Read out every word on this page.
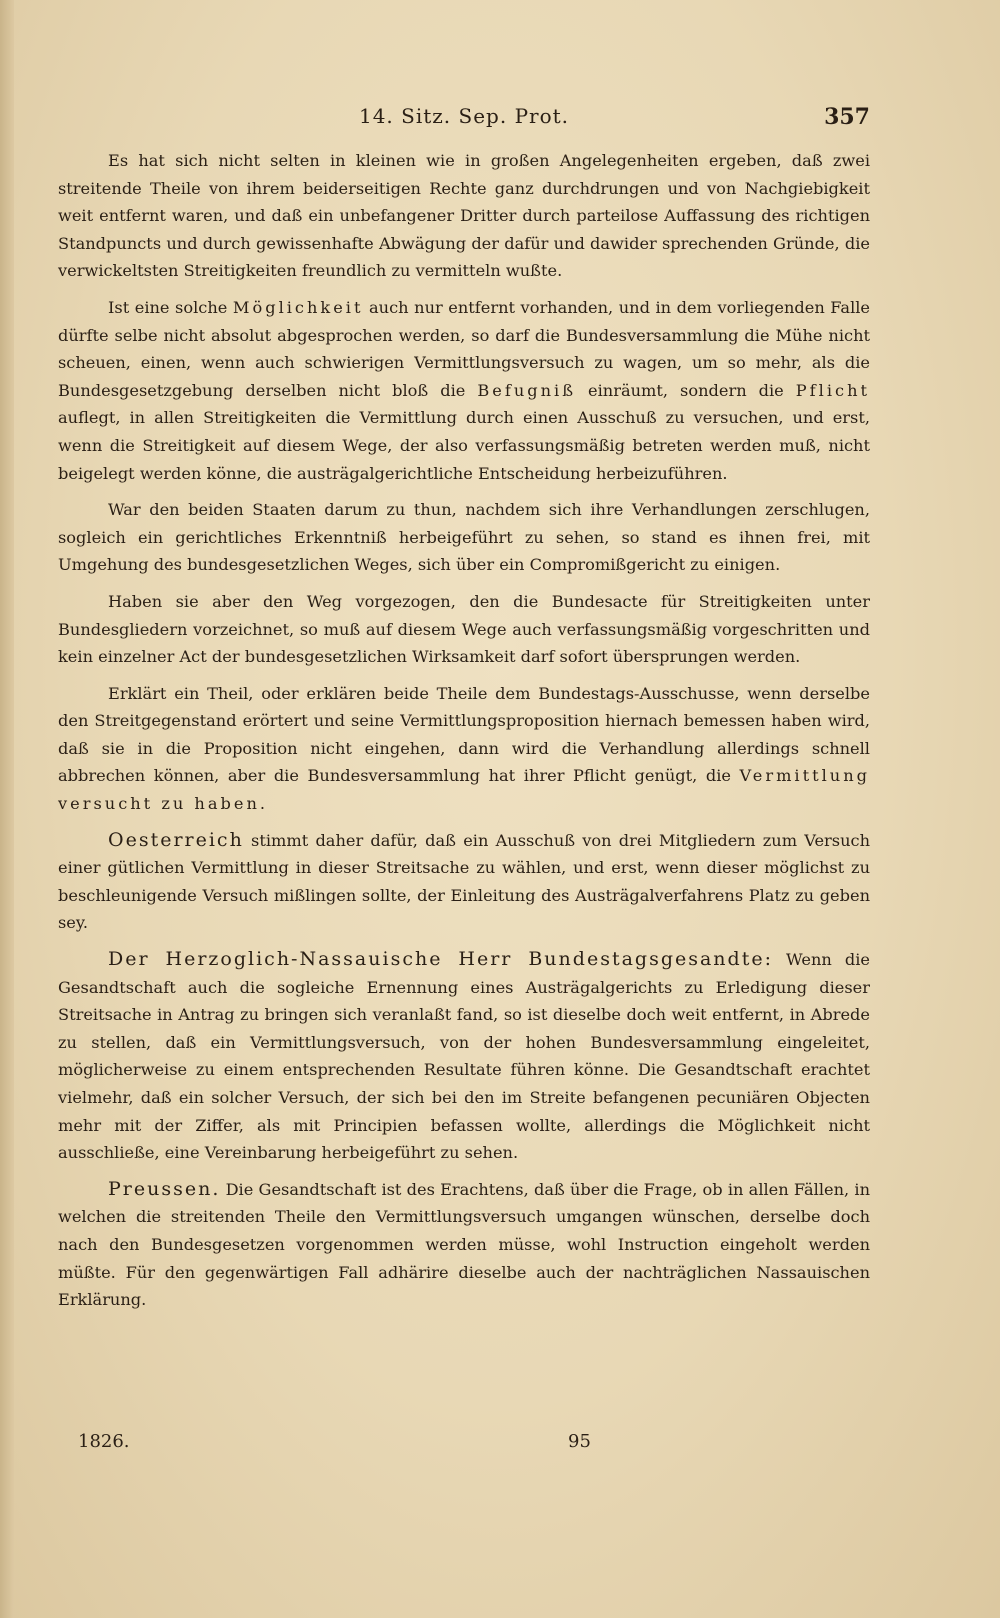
14. Sitz. Sep. Prot.	357

Es hat sich nicht selten in kleinen wie in großen Angelegenheiten ergeben, daß zwei streitende Theile von ihrem beiderseitigen Rechte ganz durchdrungen und von Nachgiebigkeit weit entfernt waren, und daß ein unbefangener Dritter durch parteilose Auffassung des richtigen Standpuncts und durch gewissenhafte Abwägung der dafür und dawider sprechenden Gründe, die verwickeltsten Streitigkeiten freundlich zu vermitteln wußte.

Ist eine solche Möglichkeit auch nur entfernt vorhanden, und in dem vorliegenden Falle dürfte selbe nicht absolut abgesprochen werden, so darf die Bundesversammlung die Mühe nicht scheuen, einen, wenn auch schwierigen Vermittlungsversuch zu wagen, um so mehr, als die Bundesgesetzgebung derselben nicht bloß die Befugniß einräumt, sondern die Pflicht auflegt, in allen Streitigkeiten die Vermittlung durch einen Ausschuß zu versuchen, und erst, wenn die Streitigkeit auf diesem Wege, der also verfassungsmäßig betreten werden muß, nicht beigelegt werden könne, die austrägalgerichtliche Entscheidung herbeizuführen.

War den beiden Staaten darum zu thun, nachdem sich ihre Verhandlungen zerschlugen, sogleich ein gerichtliches Erkenntniß herbeigeführt zu sehen, so stand es ihnen frei, mit Umgehung des bundesgesetzlichen Weges, sich über ein Compromißgericht zu einigen.

Haben sie aber den Weg vorgezogen, den die Bundesacte für Streitigkeiten unter Bundesgliedern vorzeichnet, so muß auf diesem Wege auch verfassungsmäßig vorgeschritten und kein einzelner Act der bundesgesetzlichen Wirksamkeit darf sofort übersprungen werden.

Erklärt ein Theil, oder erklären beide Theile dem Bundestags-Ausschusse, wenn derselbe den Streitgegenstand erörtert und seine Vermittlungsproposition hiernach bemessen haben wird, daß sie in die Proposition nicht eingehen, dann wird die Verhandlung allerdings schnell abbrechen können, aber die Bundesversammlung hat ihrer Pflicht genügt, die Vermittlung versucht zu haben.

Oesterreich stimmt daher dafür, daß ein Ausschuß von drei Mitgliedern zum Versuch einer gütlichen Vermittlung in dieser Streitsache zu wählen, und erst, wenn dieser möglichst zu beschleunigende Versuch mißlingen sollte, der Einleitung des Austrägalverfahrens Platz zu geben sey.

Der Herzoglich-Nassauische Herr Bundestagsgesandte: Wenn die Gesandtschaft auch die sogleiche Ernennung eines Austrägalgerichts zu Erledigung dieser Streitsache in Antrag zu bringen sich veranlaßt fand, so ist dieselbe doch weit entfernt, in Abrede zu stellen, daß ein Vermittlungsversuch, von der hohen Bundesversammlung eingeleitet, möglicherweise zu einem entsprechenden Resultate führen könne. Die Gesandtschaft erachtet vielmehr, daß ein solcher Versuch, der sich bei den im Streite befangenen pecuniären Objecten mehr mit der Ziffer, als mit Principien befassen wollte, allerdings die Möglichkeit nicht ausschließe, eine Vereinbarung herbeigeführt zu sehen.

Preussen. Die Gesandtschaft ist des Erachtens, daß über die Frage, ob in allen Fällen, in welchen die streitenden Theile den Vermittlungsversuch umgangen wünschen, derselbe doch nach den Bundesgesetzen vorgenommen werden müsse, wohl Instruction eingeholt werden müßte. Für den gegenwärtigen Fall adhärire dieselbe auch der nachträglichen Nassauischen Erklärung.

1826.	95
